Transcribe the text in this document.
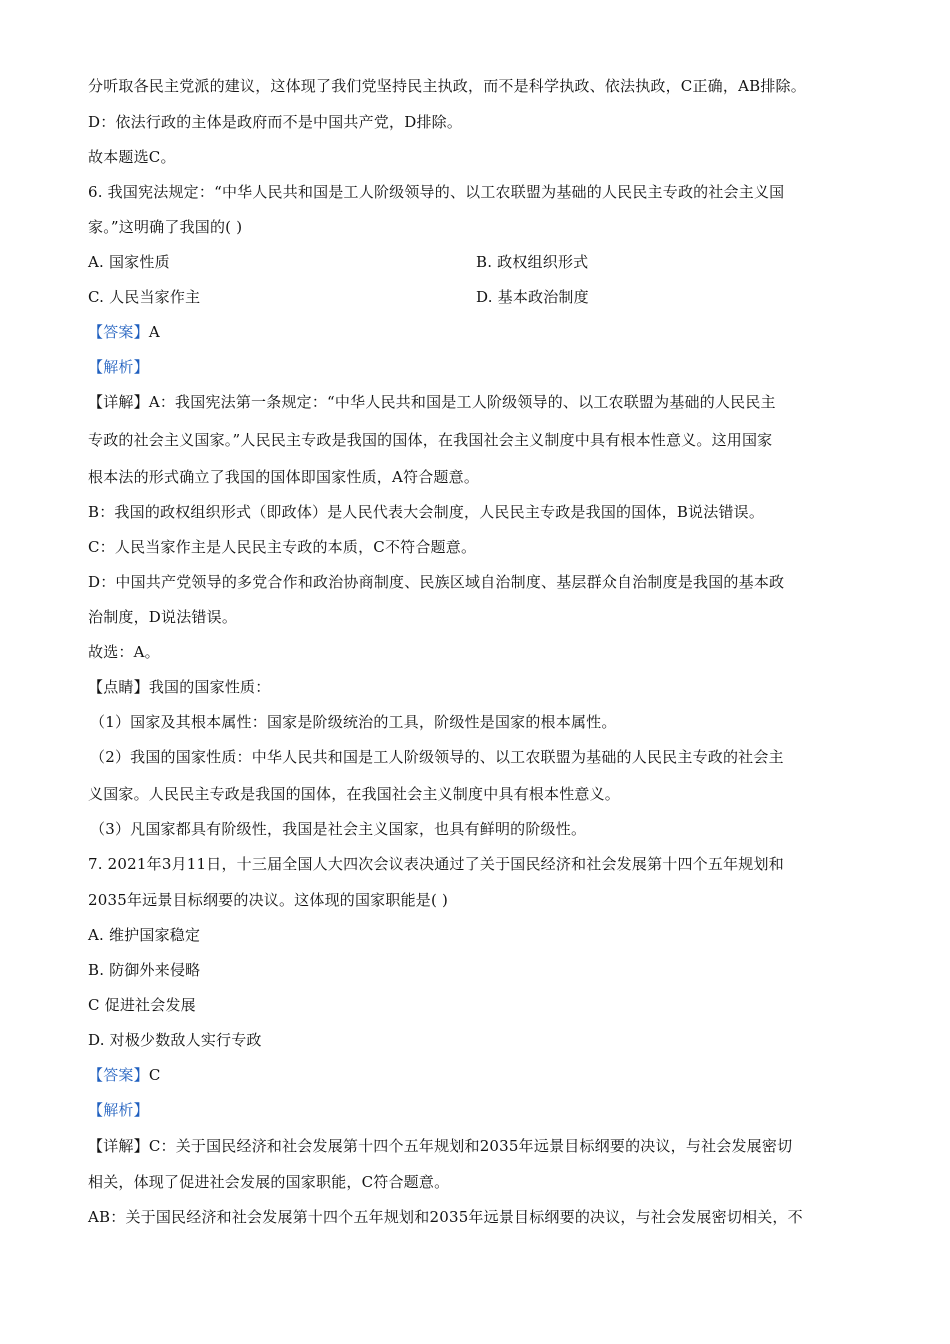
分听取各民主党派的建议，这体现了我们党坚持民主执政，而不是科学执政、依法执政，C正确，AB排除。
D：依法行政的主体是政府而不是中国共产党，D排除。
故本题选C。
6. 我国宪法规定：“中华人民共和国是工人阶级领导的、以工农联盟为基础的人民民主专政的社会主义国
家。”这明确了我国的( )
A. 国家性质	B. 政权组织形式
C. 人民当家作主	D. 基本政治制度
【答案】A
【解析】
【详解】A：我国宪法第一条规定：“中华人民共和国是工人阶级领导的、以工农联盟为基础的人民民主
专政的社会主义国家。”人民民主专政是我国的国体，在我国社会主义制度中具有根本性意义。这用国家
根本法的形式确立了我国的国体即国家性质，A符合题意。
B：我国的政权组织形式（即政体）是人民代表大会制度，人民民主专政是我国的国体，B说法错误。
C：人民当家作主是人民民主专政的本质，C不符合题意。
D：中国共产党领导的多党合作和政治协商制度、民族区域自治制度、基层群众自治制度是我国的基本政
治制度，D说法错误。
故选：A。
【点睛】我国的国家性质：
（1）国家及其根本属性：国家是阶级统治的工具，阶级性是国家的根本属性。
（2）我国的国家性质：中华人民共和国是工人阶级领导的、以工农联盟为基础的人民民主专政的社会主
义国家。人民民主专政是我国的国体，在我国社会主义制度中具有根本性意义。
（3）凡国家都具有阶级性，我国是社会主义国家，也具有鲜明的阶级性。
7. 2021年3月11日，十三届全国人大四次会议表决通过了关于国民经济和社会发展第十四个五年规划和
2035年远景目标纲要的决议。这体现的国家职能是( )
A. 维护国家稳定
B. 防御外来侵略
C 促进社会发展
D. 对极少数敌人实行专政
【答案】C
【解析】
【详解】C：关于国民经济和社会发展第十四个五年规划和2035年远景目标纲要的决议，与社会发展密切
相关，体现了促进社会发展的国家职能，C符合题意。
AB：关于国民经济和社会发展第十四个五年规划和2035年远景目标纲要的决议，与社会发展密切相关，不
